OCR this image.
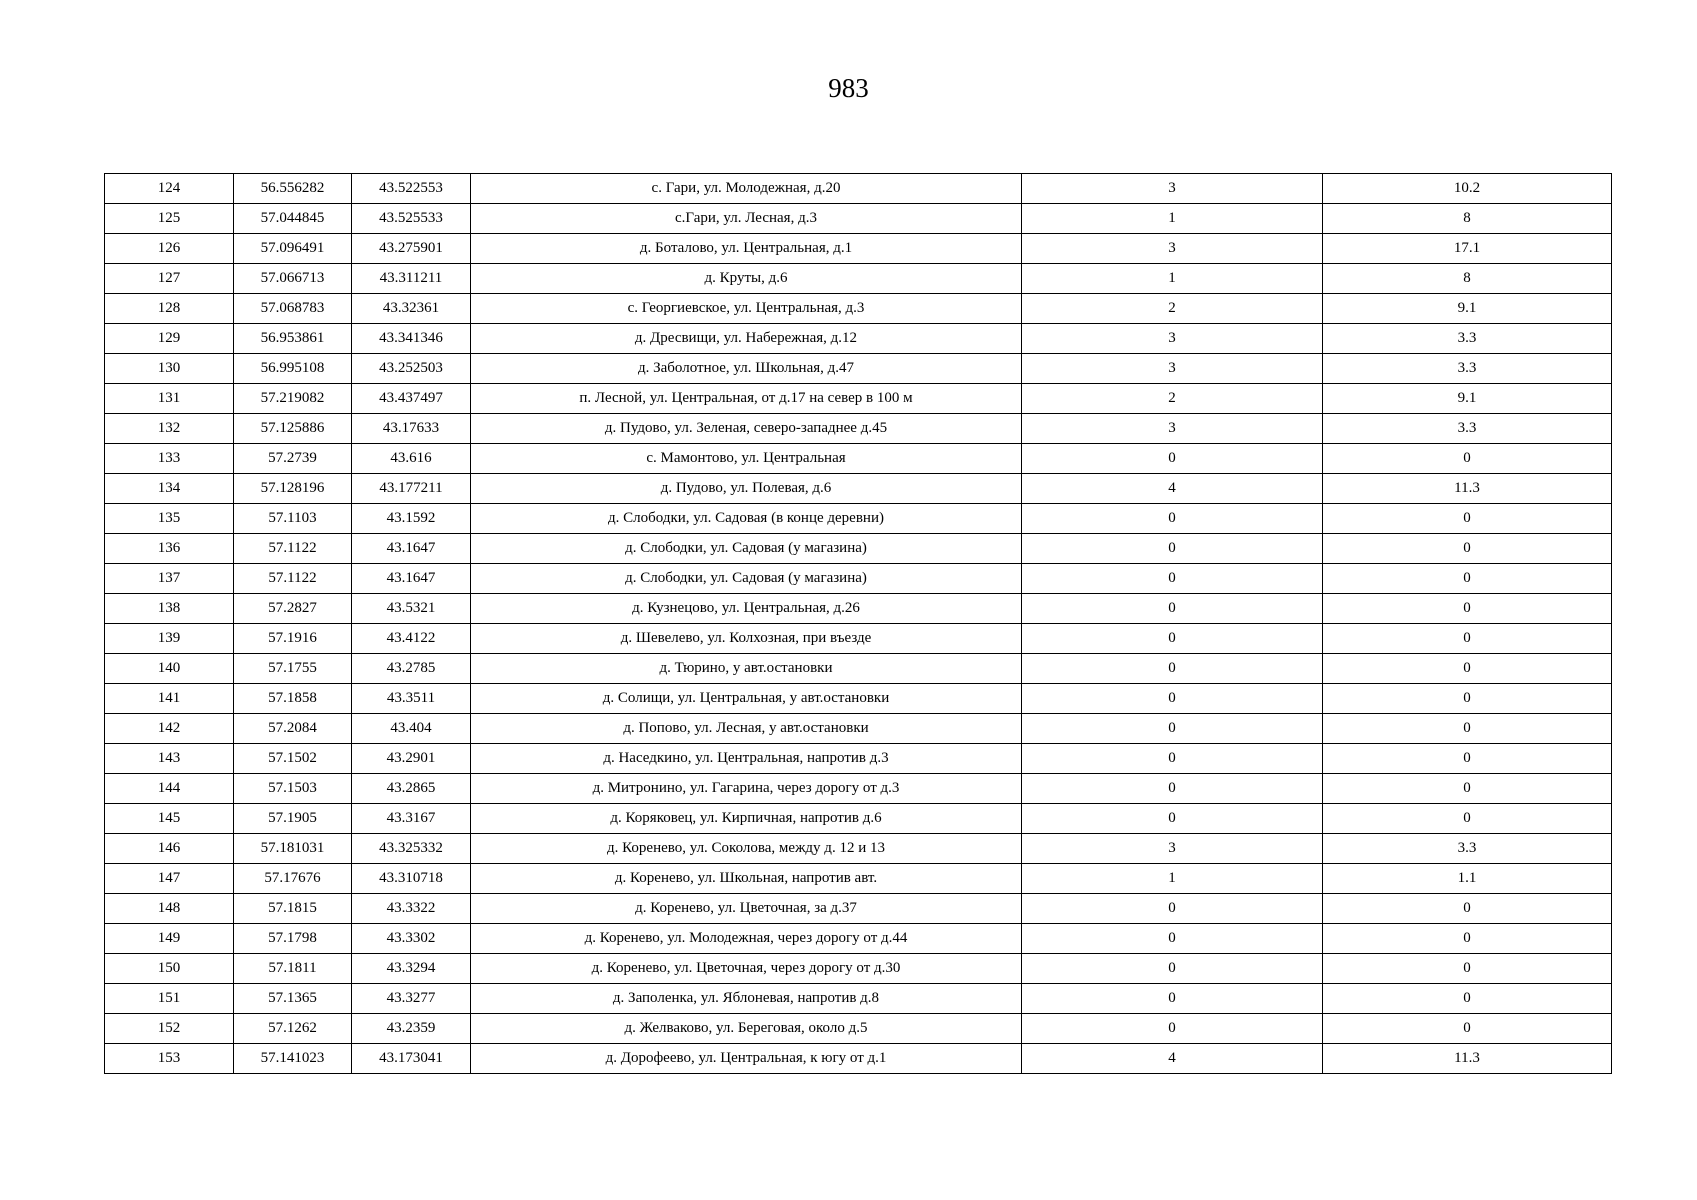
983
124	56.556282	43.522553	с. Гари, ул. Молодежная, д.20	3	10.2
125	57.044845	43.525533	с.Гари, ул. Лесная, д.3	1	8
126	57.096491	43.275901	д. Боталово, ул. Центральная, д.1	3	17.1
127	57.066713	43.311211	д. Круты, д.6	1	8
128	57.068783	43.32361	с. Георгиевское, ул. Центральная, д.3	2	9.1
129	56.953861	43.341346	д. Дресвищи, ул. Набережная, д.12	3	3.3
130	56.995108	43.252503	д. Заболотное, ул. Школьная, д.47	3	3.3
131	57.219082	43.437497	п. Лесной, ул. Центральная, от д.17 на север в 100 м	2	9.1
132	57.125886	43.17633	д. Пудово, ул. Зеленая, северо-западнее д.45	3	3.3
133	57.2739	43.616	с. Мамонтово, ул. Центральная	0	0
134	57.128196	43.177211	д. Пудово, ул. Полевая, д.6	4	11.3
135	57.1103	43.1592	д. Слободки, ул. Садовая (в конце деревни)	0	0
136	57.1122	43.1647	д. Слободки, ул. Садовая (у магазина)	0	0
137	57.1122	43.1647	д. Слободки, ул. Садовая (у магазина)	0	0
138	57.2827	43.5321	д. Кузнецово, ул. Центральная, д.26	0	0
139	57.1916	43.4122	д. Шевелево, ул. Колхозная, при въезде	0	0
140	57.1755	43.2785	д. Тюрино, у авт.остановки	0	0
141	57.1858	43.3511	д. Солищи, ул. Центральная, у авт.остановки	0	0
142	57.2084	43.404	д. Попово, ул. Лесная, у авт.остановки	0	0
143	57.1502	43.2901	д. Наседкино, ул. Центральная, напротив д.3	0	0
144	57.1503	43.2865	д. Митронино, ул. Гагарина, через дорогу от д.3	0	0
145	57.1905	43.3167	д. Коряковец, ул. Кирпичная, напротив д.6	0	0
146	57.181031	43.325332	д. Коренево, ул. Соколова, между д. 12 и 13	3	3.3
147	57.17676	43.310718	д. Коренево, ул. Школьная, напротив авт.	1	1.1
148	57.1815	43.3322	д. Коренево, ул. Цветочная, за д.37	0	0
149	57.1798	43.3302	д. Коренево, ул. Молодежная, через дорогу от д.44	0	0
150	57.1811	43.3294	д. Коренево, ул. Цветочная, через дорогу от д.30	0	0
151	57.1365	43.3277	д. Заполенка, ул. Яблоневая, напротив д.8	0	0
152	57.1262	43.2359	д. Желваково, ул. Береговая, около д.5	0	0
153	57.141023	43.173041	д. Дорофеево, ул. Центральная, к югу от д.1	4	11.3
